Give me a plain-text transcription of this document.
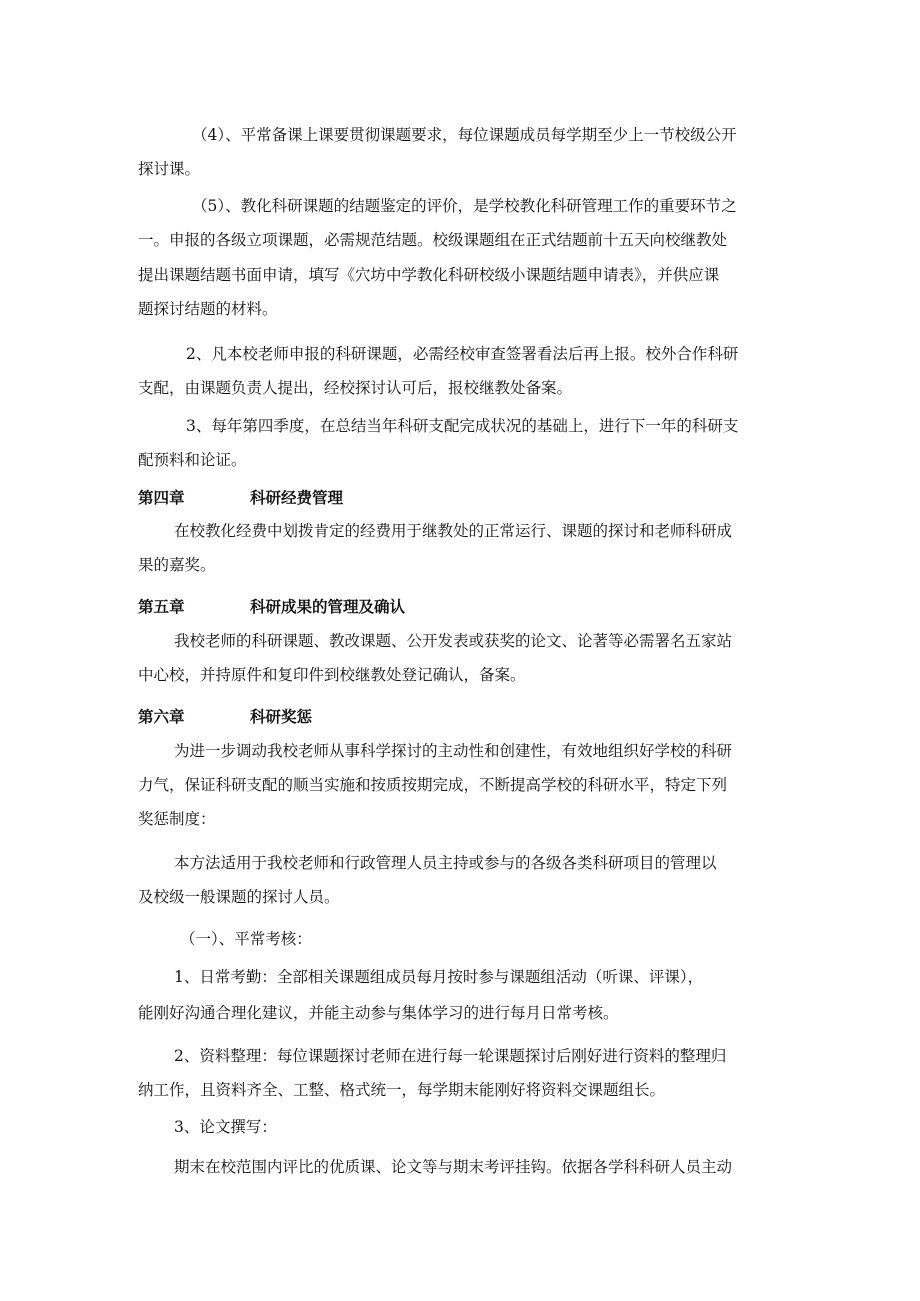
（4）、平常备课上课要贯彻课题要求，每位课题成员每学期至少上一节校级公开
探讨课。
（5）、教化科研课题的结题鉴定的评价，是学校教化科研管理工作的重要环节之
一。申报的各级立项课题，必需规范结题。校级课题组在正式结题前十五天向校继教处
提出课题结题书面申请，填写《穴坊中学教化科研校级小课题结题申请表》，并供应课
题探讨结题的材料。
2、凡本校老师申报的科研课题，必需经校审查签署看法后再上报。校外合作科研
支配，由课题负责人提出，经校探讨认可后，报校继教处备案。
3、每年第四季度，在总结当年科研支配完成状况的基础上，进行下一年的科研支
配预料和论证。
第四章	科研经费管理
在校教化经费中划拨肯定的经费用于继教处的正常运行、课题的探讨和老师科研成
果的嘉奖。
第五章	科研成果的管理及确认
我校老师的科研课题、教改课题、公开发表或获奖的论文、论著等必需署名五家站
中心校，并持原件和复印件到校继教处登记确认，备案。
第六章	科研奖惩
为进一步调动我校老师从事科学探讨的主动性和创建性，有效地组织好学校的科研
力气，保证科研支配的顺当实施和按质按期完成，不断提高学校的科研水平，特定下列
奖惩制度：
本方法适用于我校老师和行政管理人员主持或参与的各级各类科研项目的管理以
及校级一般课题的探讨人员。
（一）、平常考核：
1、日常考勤：全部相关课题组成员每月按时参与课题组活动（听课、评课），
能刚好沟通合理化建议，并能主动参与集体学习的进行每月日常考核。
2、资料整理：每位课题探讨老师在进行每一轮课题探讨后刚好进行资料的整理归
纳工作，且资料齐全、工整、格式统一，每学期末能刚好将资料交课题组长。
3、论文撰写：
期末在校范围内评比的优质课、论文等与期末考评挂钩。依据各学科科研人员主动
